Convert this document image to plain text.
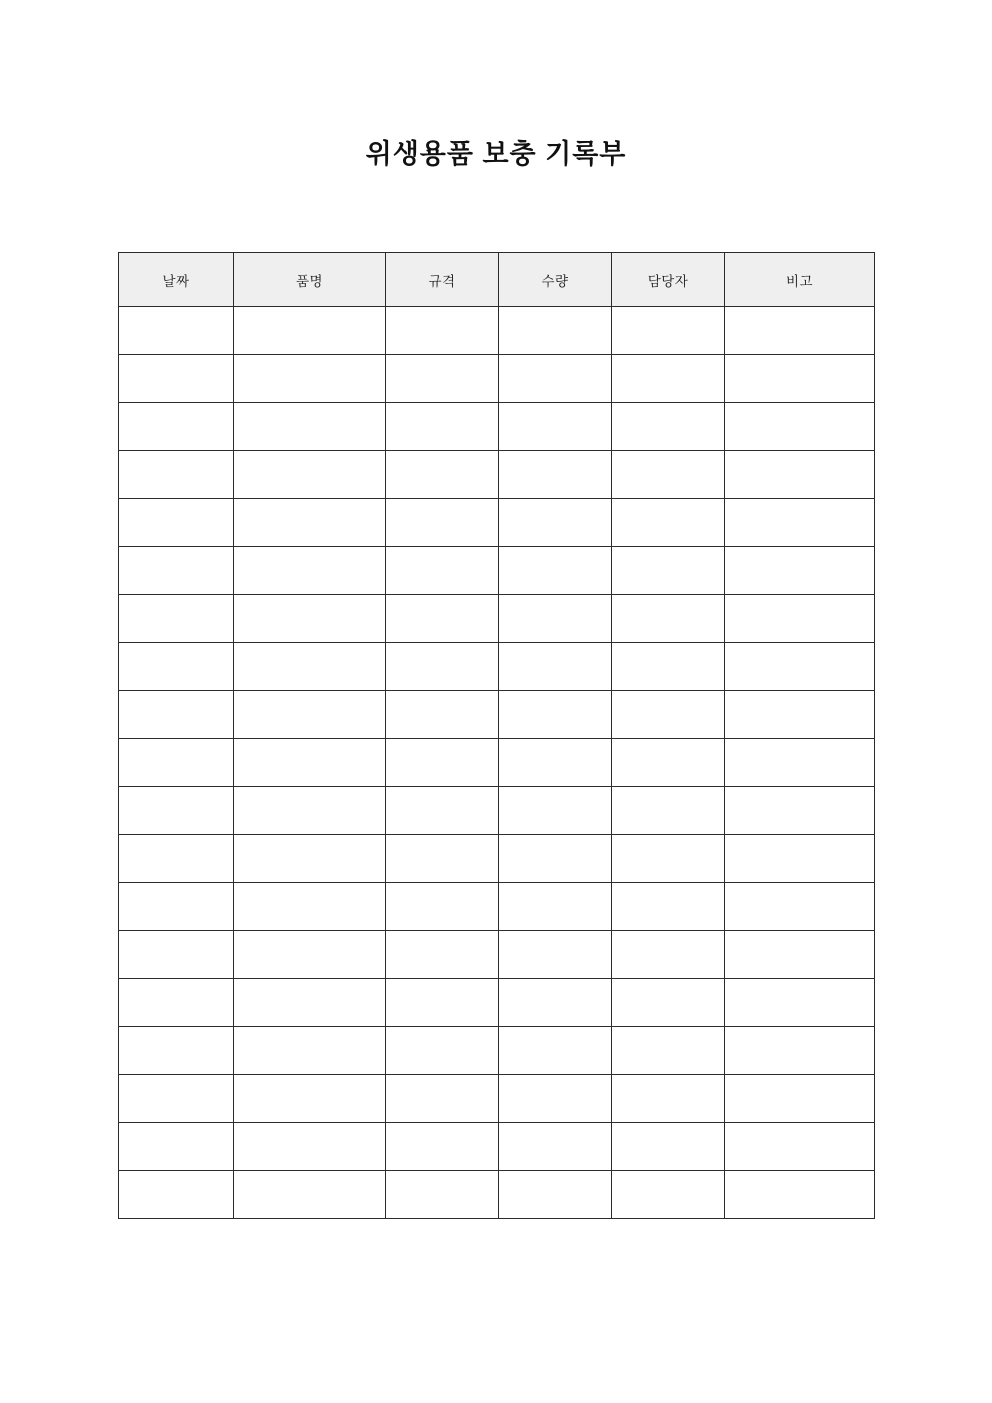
위생용품 보충 기록부
날짜	품명	규격	수량	담당자	비고
